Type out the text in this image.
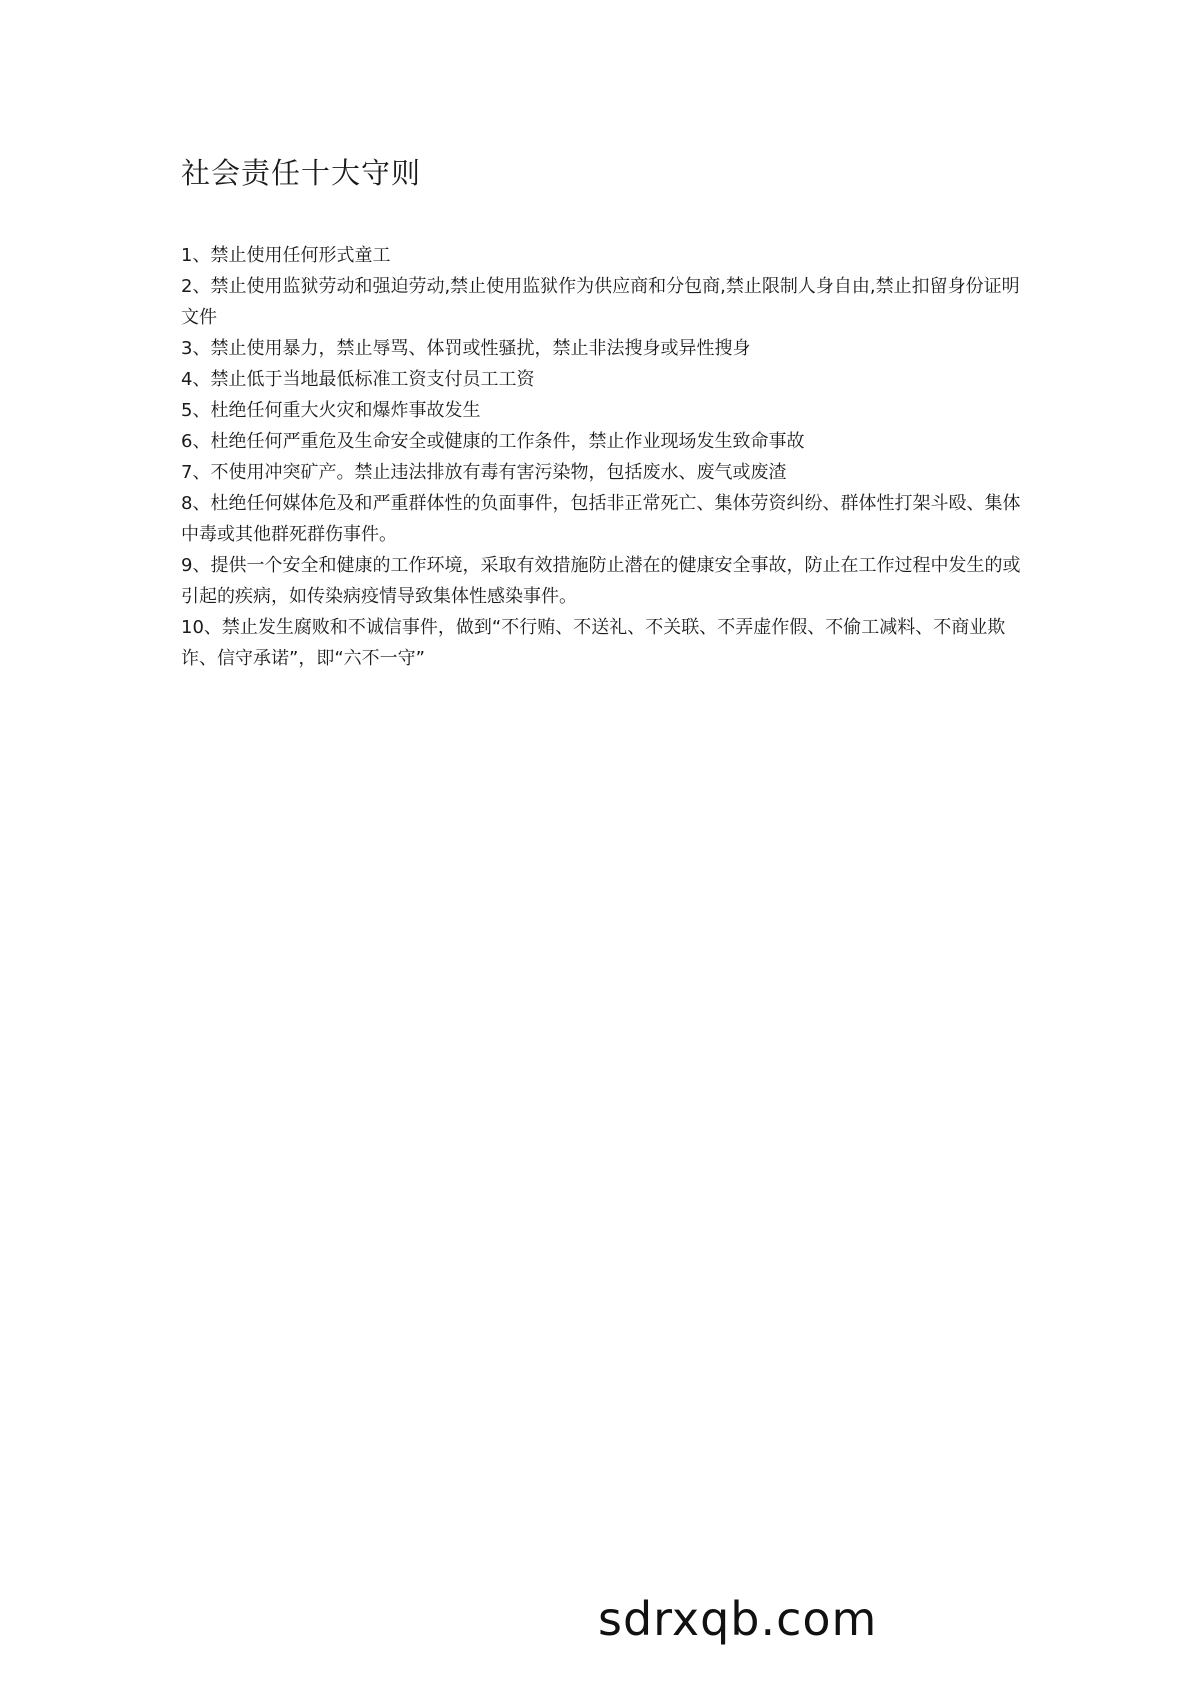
社会责任十大守则
1、禁止使用任何形式童工
2、禁止使用监狱劳动和强迫劳动,禁止使用监狱作为供应商和分包商,禁止限制人身自由,禁止扣留身份证明文件
3、禁止使用暴力，禁止辱骂、体罚或性骚扰，禁止非法搜身或异性搜身
4、禁止低于当地最低标准工资支付员工工资
5、杜绝任何重大火灾和爆炸事故发生
6、杜绝任何严重危及生命安全或健康的工作条件，禁止作业现场发生致命事故
7、不使用冲突矿产。禁止违法排放有毒有害污染物，包括废水、废气或废渣
8、杜绝任何媒体危及和严重群体性的负面事件，包括非正常死亡、集体劳资纠纷、群体性打架斗殴、集体中毒或其他群死群伤事件。
9、提供一个安全和健康的工作环境，采取有效措施防止潜在的健康安全事故，防止在工作过程中发生的或引起的疾病，如传染病疫情导致集体性感染事件。
10、禁止发生腐败和不诚信事件，做到“不行贿、不送礼、不关联、不弄虚作假、不偷工减料、不商业欺诈、信守承诺”，即“六不一守”
sdrxqb.com
